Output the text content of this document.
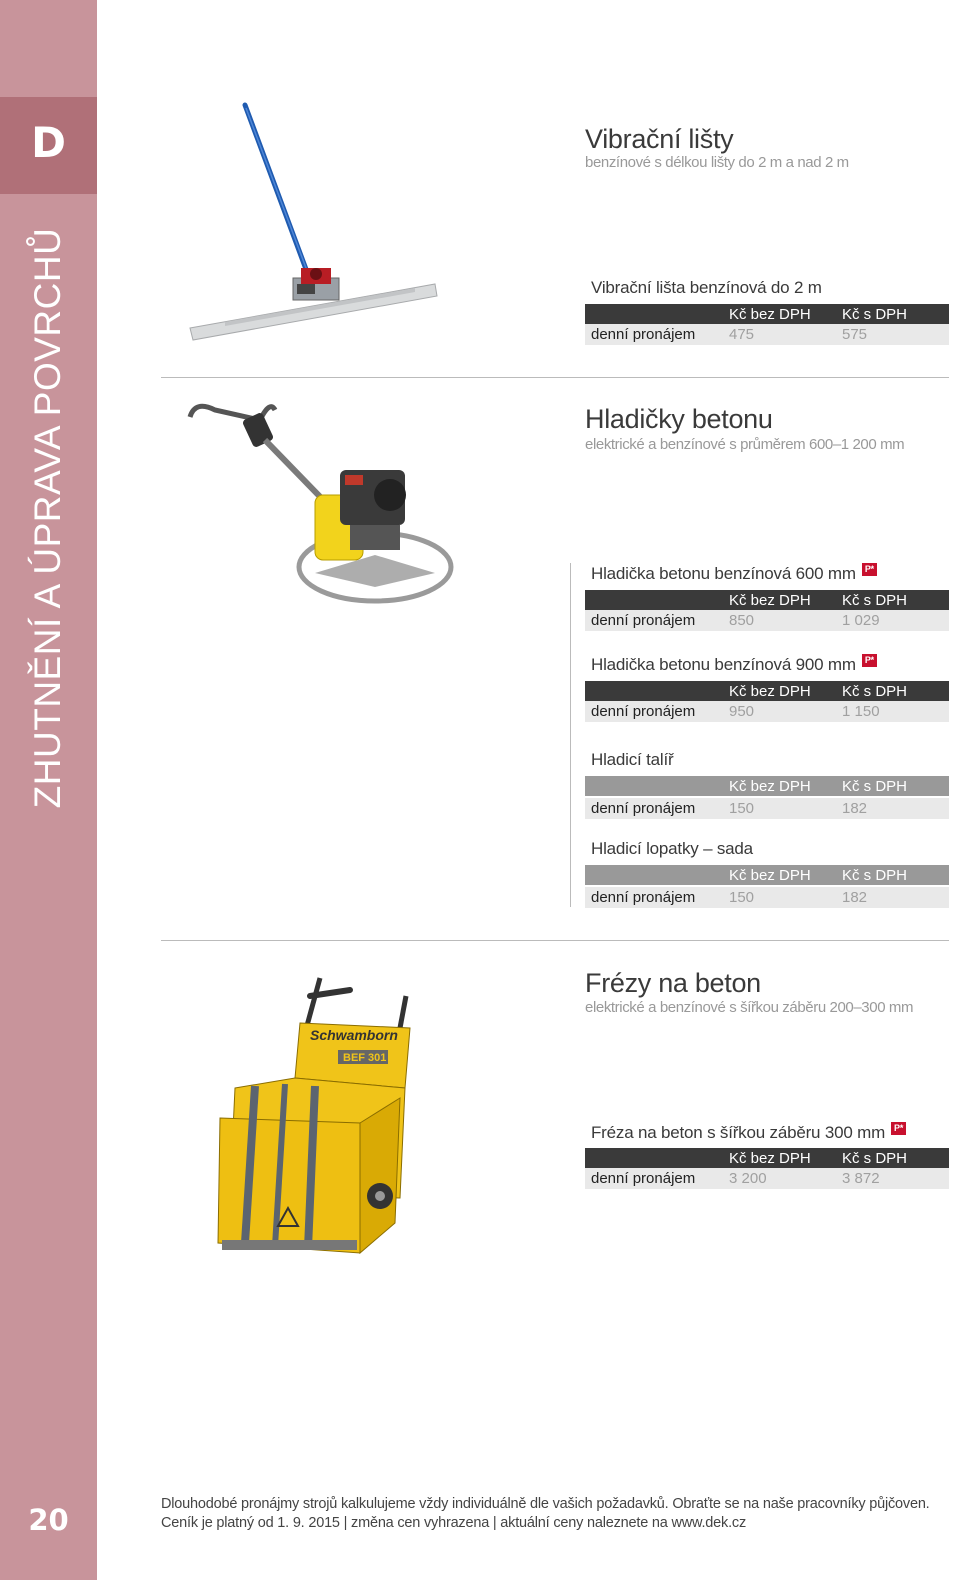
D
ZHUTNĚNÍ A ÚPRAVA POVRCHŮ
20
Vibrační lišty
benzínové s délkou lišty do 2 m a nad 2 m
Vibrační lišta benzínová do 2 m
Kč bez DPH Kč s DPH
denní pronájem 475	575
Hladičky betonu
elektrické a benzínové s průměrem 600–1 200 mm
Hladička betonu benzínová 600 mm P*
Kč bez DPH Kč s DPH
denní pronájem 850	1 029
Hladička betonu benzínová 900 mm P*
Kč bez DPH Kč s DPH
denní pronájem 950	1 150
Hladicí talíř
Kč bez DPH Kč s DPH
denní pronájem 150	182
Hladicí lopatky – sada
Kč bez DPH Kč s DPH
denní pronájem 150	182
Schwamborn
BEF 301
Frézy na beton
elektrické a benzínové s šířkou záběru 200–300 mm
Fréza na beton s šířkou záběru 300 mm P*
Kč bez DPH Kč s DPH
denní pronájem 3 200	3 872
Dlouhodobé pronájmy strojů kalkulujeme vždy individuálně dle vašich požadavků. Obraťte se na naše pracovníky půjčoven.
Ceník je platný od 1. 9. 2015 | změna cen vyhrazena | aktuální ceny naleznete na www.dek.cz
